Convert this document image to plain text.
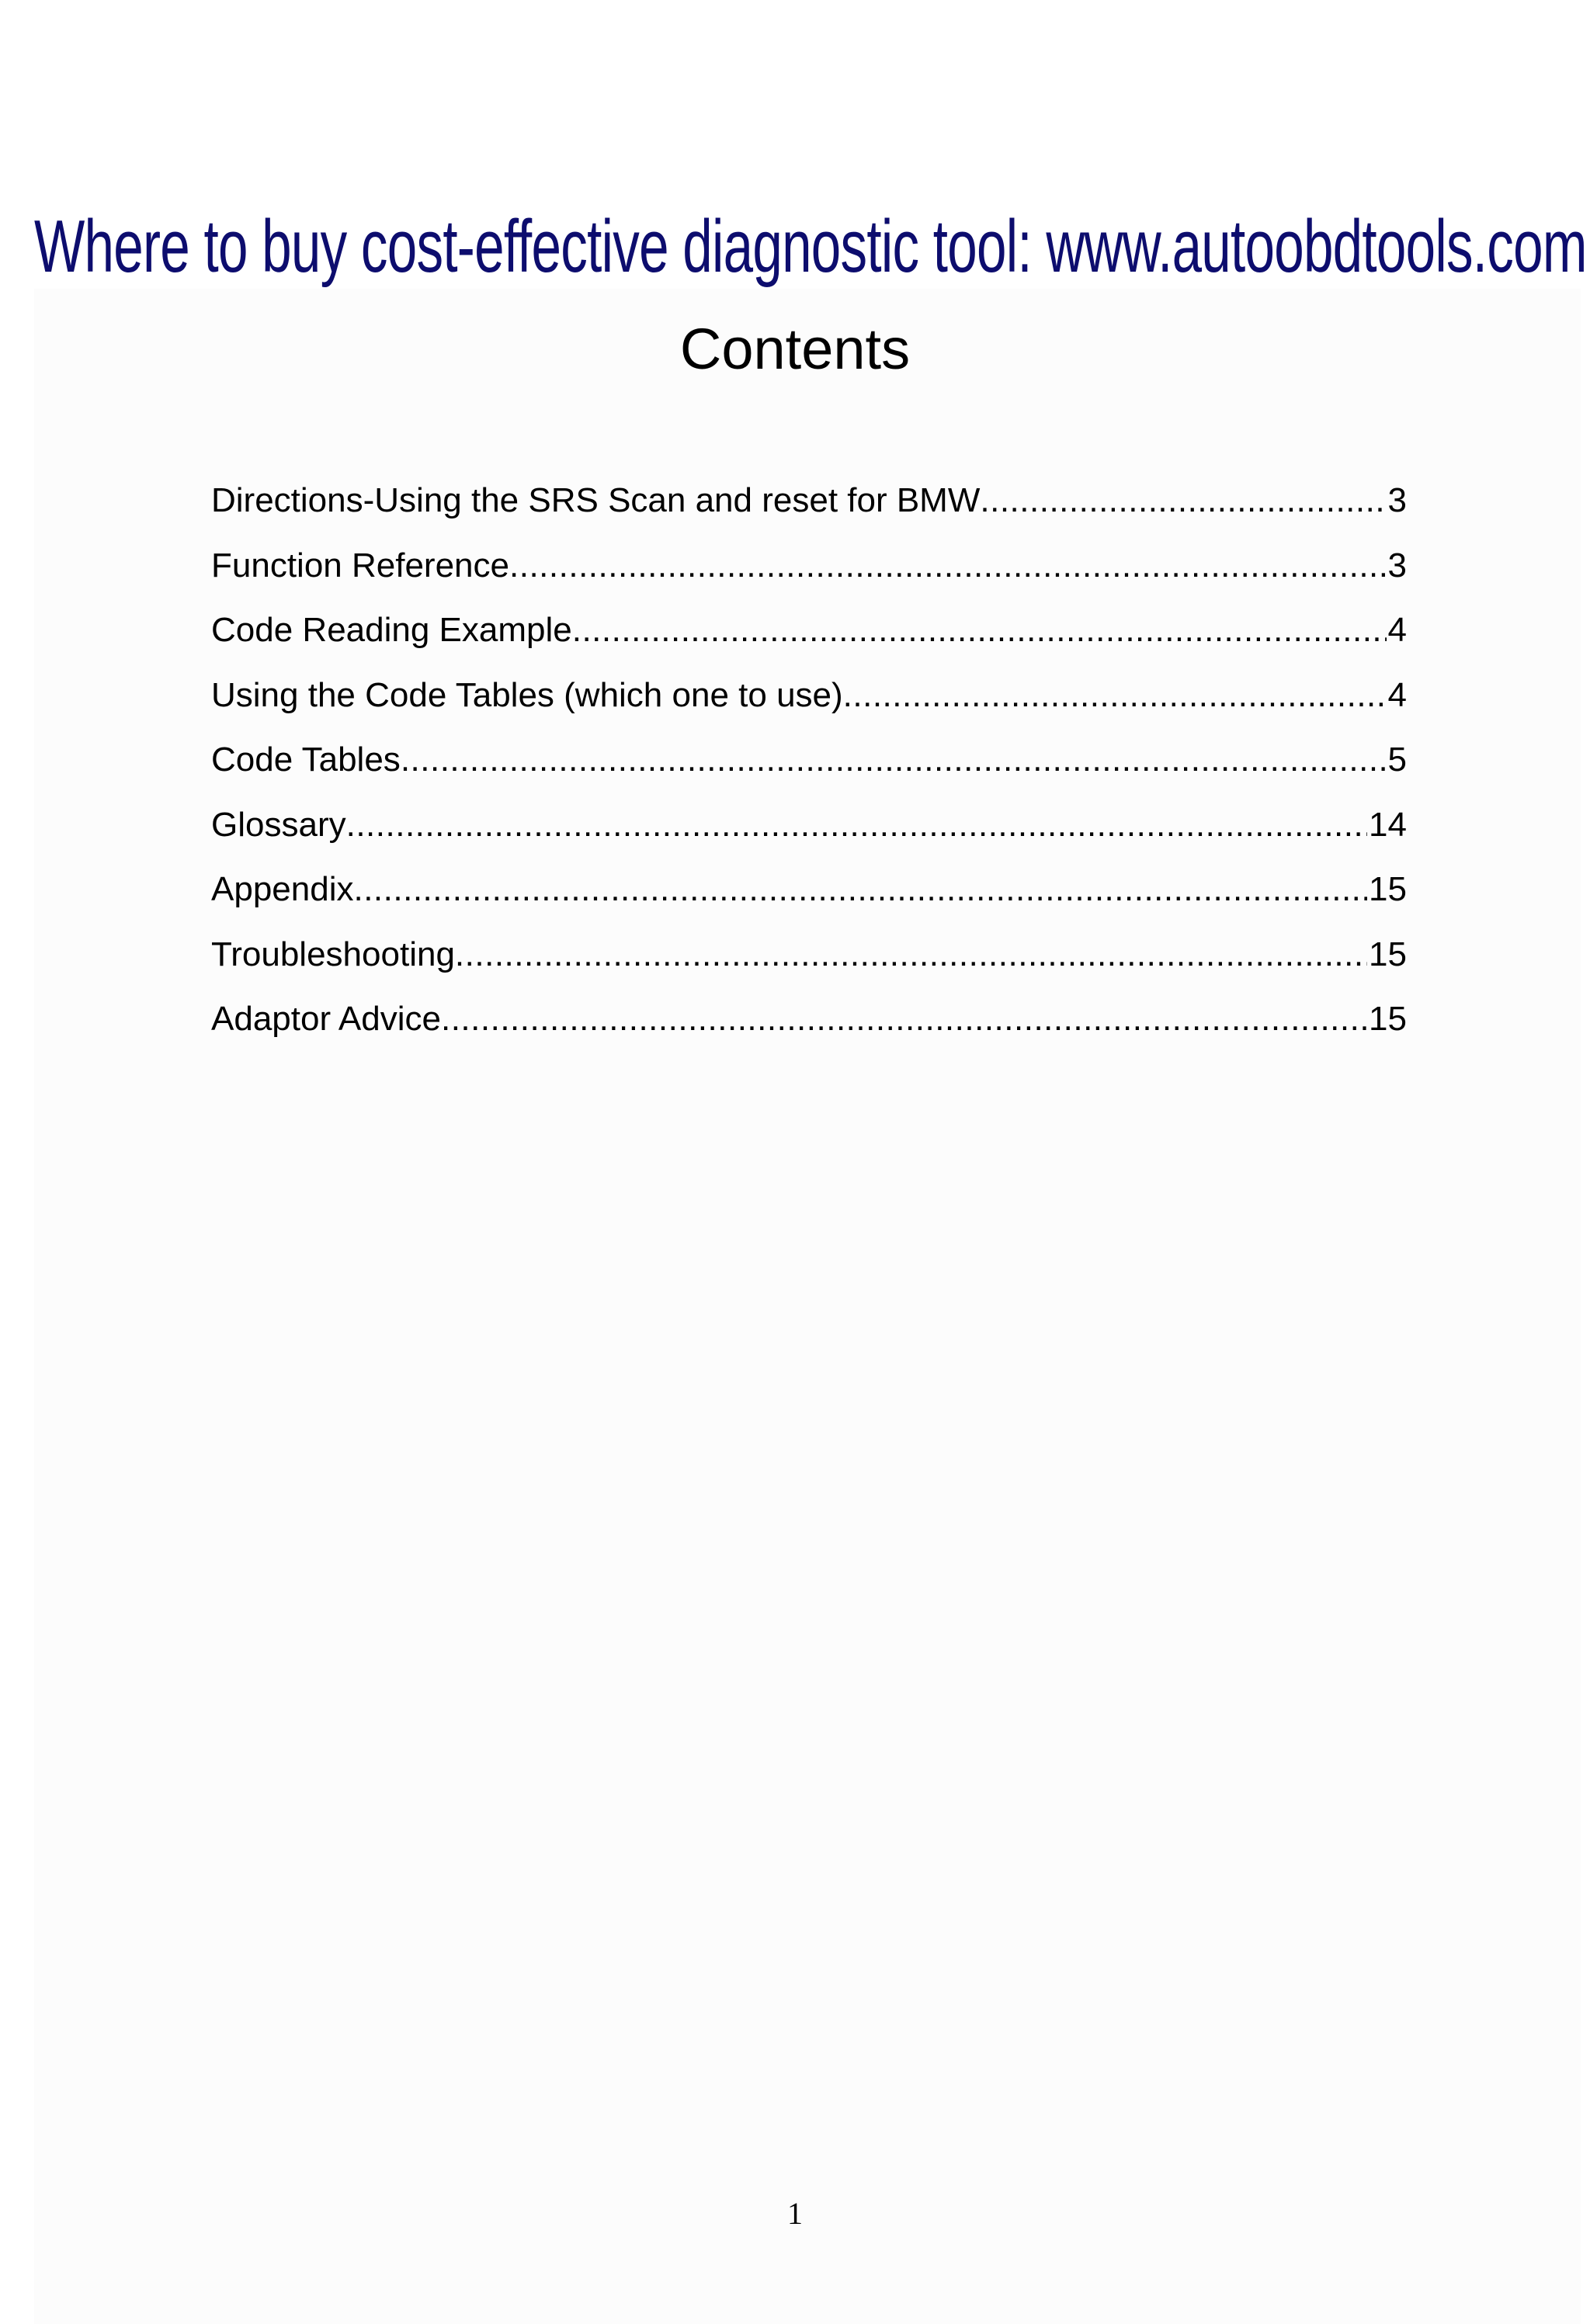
Where to buy cost-effective diagnostic tool: www.autoobdtools.com
Contents
Directions-Using the SRS Scan and reset for BMW .....	3
Function Reference .....	3
Code Reading Example .....	4
Using the Code Tables (which one to use) .....	4
Code Tables .....	5
Glossary .....	14
Appendix .....	15
Troubleshooting .....	15
Adaptor Advice .....	15
1
